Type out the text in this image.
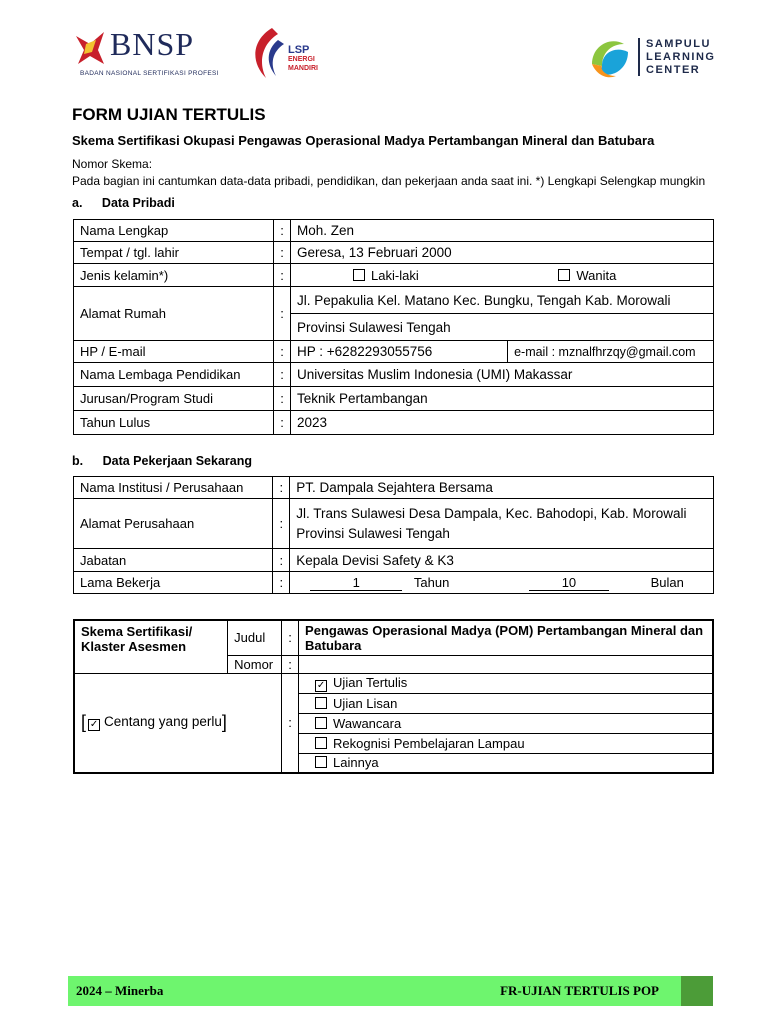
BNSP
BADAN NASIONAL SERTIFIKASI PROFESI
LSP
ENERGI
MANDIRI
SAMPULU
LEARNING
CENTER
FORM UJIAN TERTULIS
Skema Sertifikasi Okupasi Pengawas Operasional Madya Pertambangan Mineral dan Batubara
Nomor Skema:
Pada bagian ini cantumkan data-data pribadi, pendidikan, dan pekerjaan anda saat ini. *) Lengkapi Selengkap mungkin
a. Data Pribadi
Nama Lengkap	:	Moh. Zen	
Tempat / tgl. lahir	:	Geresa, 13 Februari 2000	
Jenis kelamin*)	:	Laki-laki Wanita	
Alamat Rumah	:	Jl. Pepakulia Kel. Matano Kec. Bungku, Tengah Kab. Morowali	
		Provinsi Sulawesi Tengah	
HP / E-mail	:	HP : +6282293055756	e-mail : mznalfhrzqy@gmail.com
Nama Lembaga Pendidikan	:	Universitas Muslim Indonesia (UMI) Makassar	
Jurusan/Program Studi	:	Teknik Pertambangan	
Tahun Lulus	:	2023	
b. Data Pekerjaan Sekarang
Nama Institusi / Perusahaan	:	PT. Dampala Sejahtera Bersama
Alamat Perusahaan	:	Jl. Trans Sulawesi Desa Dampala, Kec. Bahodopi, Kab. Morowali
Provinsi Sulawesi Tengah

Jabatan	:	Kepala Devisi Safety & K3
Lama Bekerja	:	1 Tahun 10 Bulan
Skema Sertifikasi/ Klaster Asesmen	Judul	:	Pengawas Operasional Madya (POM) Pertambangan Mineral dan Batubara
	Nomor	:	
[ ✓ Centang yang perlu]		:	✓ Ujian Tertulis
			Ujian Lisan
			Wawancara
			Rekognisi Pembelajaran Lampau
			Lainnya
2024 – Minerba	FR-UJIAN TERTULIS POP
